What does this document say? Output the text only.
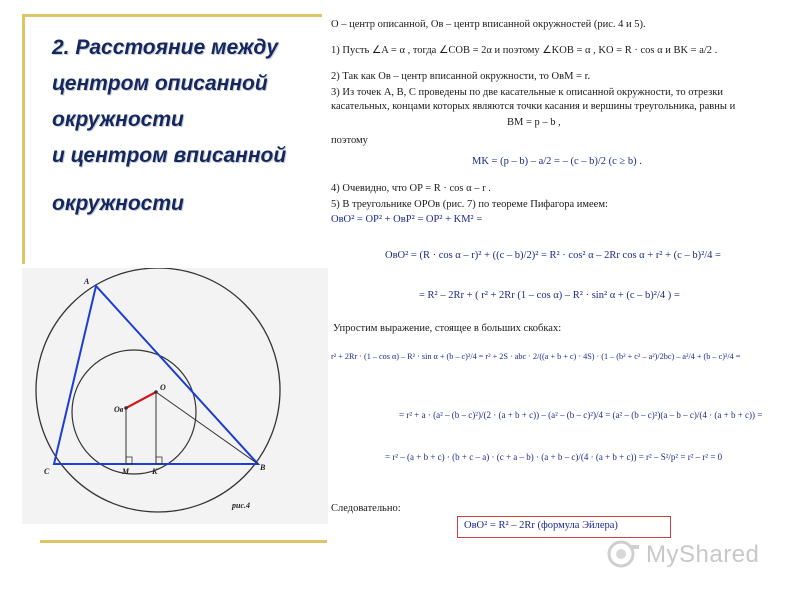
2. Расстояние между
центром описанной
окружности
и центром вписанной
окружности
O – центр описанной, Oв – центр вписанной окружностей (рис. 4 и 5).
1) Пусть ∠A = α , тогда ∠COB = 2α и поэтому ∠KOB = α , KO = R · cos α и BK = a/2 .
2) Так как Oв – центр вписанной окружности, то OвM = r.
3) Из точек A, B, C проведены по две касательные к описанной окружности, то отрезки
касательных, концами которых являются точки касания и вершины треугольника, равны и
BM = p – b ,
поэтому
MK = (p – b) – a/2 = – (c – b)/2 (c ≥ b) .
4) Очевидно, что OP = R · cos α – r .
5) В треугольнике OPOв (рис. 7) по теореме Пифагора имеем:
OвO² = OP² + OвP² = OP² + KM² =
OвO² = (R · cos α – r)² + ((c – b)/2)² = R² · cos² α – 2Rr cos α + r² + (c – b)²/4 =
= R² – 2Rr + ( r² + 2Rr (1 – cos α) – R² · sin² α + (c – b)²/4 ) =
Упростим выражение, стоящее в больших скобках:
r² + 2Rr · (1 – cos α) – R² · sin α + (b – c)²/4 = r² + 2S · abc · 2/((a + b + c) · 4S) · (1 – (b² + c² – a²)/2bc) – a²/4 + (b – c)²/4 =
= r² + a · (a² – (b – c)²)/(2 · (a + b + c)) – (a² – (b – c)²)/4 = (a² – (b – c)²)(a – b – c)/(4 · (a + b + c)) =
= r² – (a + b + c) · (b + c – a) · (c + a – b) · (a + b – c)/(4 · (a + b + c)) = r² – S²/p² = r² – r² = 0
Следовательно:
OвO² = R² – 2Rr (формула Эйлера)
A
O
Oв
C	M	K	B
рис.4
MyShared
